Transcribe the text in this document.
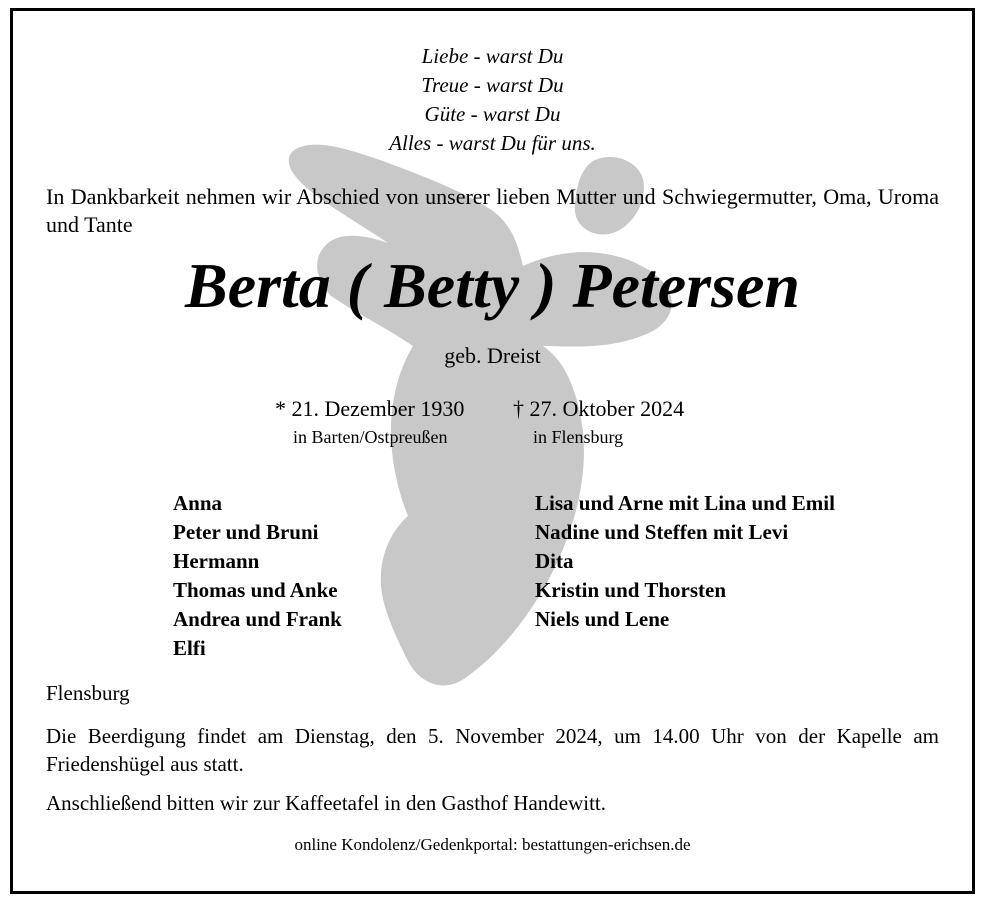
Liebe - warst Du
Treue - warst Du
Güte - warst Du
Alles - warst Du für uns.
In Dankbarkeit nehmen wir Abschied von unserer lieben Mutter und Schwiegermutter, Oma, Uroma und Tante
Berta ( Betty ) Petersen
geb. Dreist
* 21. Dezember 1930
in Barten/Ostpreußen
† 27. Oktober 2024
in Flensburg
Anna
Peter und Bruni
Hermann
Thomas und Anke
Andrea und Frank
Elfi
Lisa und Arne mit Lina und Emil
Nadine und Steffen mit Levi
Dita
Kristin und Thorsten
Niels und Lene
Flensburg
Die Beerdigung findet am Dienstag, den 5. November 2024, um 14.00 Uhr von der Kapelle am Friedenshügel aus statt.
Anschließend bitten wir zur Kaffeetafel in den Gasthof Handewitt.
online Kondolenz/Gedenkportal: bestattungen-erichsen.de
